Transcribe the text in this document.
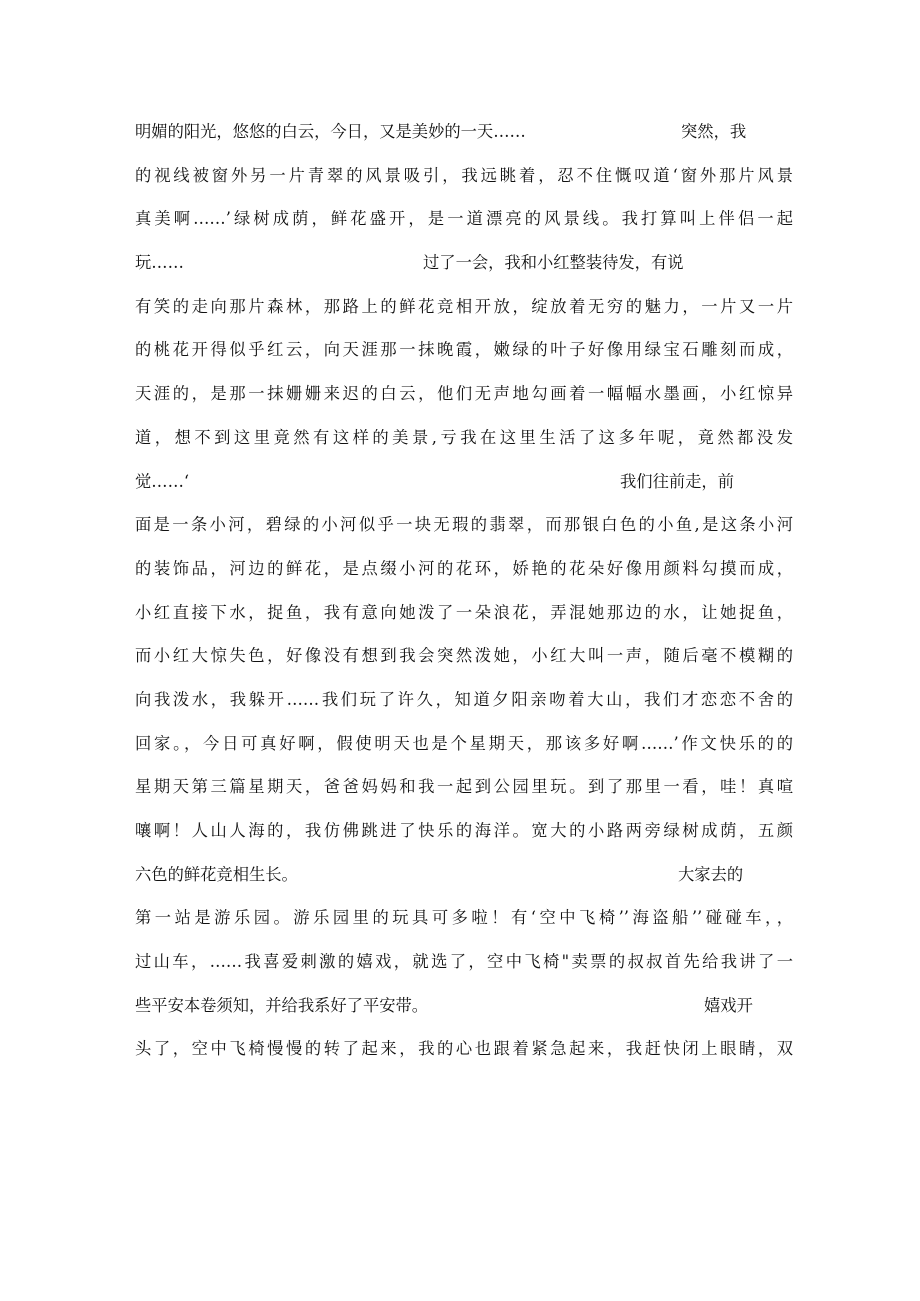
明媚的阳光，悠悠的白云，今日，又是美妙的一天……	突然，我
的视线被窗外另一片青翠的风景吸引，我远眺着，忍不住慨叹道‘窗外那片风景
真美啊……’绿树成荫，鲜花盛开，是一道漂亮的风景线。我打算叫上伴侣一起
玩……	过了一会，我和小红整装待发，有说
有笑的走向那片森林，那路上的鲜花竞相开放，绽放着无穷的魅力，一片又一片
的桃花开得似乎红云，向天涯那一抹晚霞，嫩绿的叶子好像用绿宝石雕刻而成，
天涯的，是那一抹姗姗来迟的白云，他们无声地勾画着一幅幅水墨画，小红惊异
道，想不到这里竟然有这样的美景,亏我在这里生活了这多年呢，竟然都没发
觉……‘	我们往前走，前
面是一条小河，碧绿的小河似乎一块无瑕的翡翠，而那银白色的小鱼,是这条小河
的装饰品，河边的鲜花，是点缀小河的花环，娇艳的花朵好像用颜料勾摸而成，
小红直接下水，捉鱼，我有意向她泼了一朵浪花，弄混她那边的水，让她捉鱼，
而小红大惊失色，好像没有想到我会突然泼她，小红大叫一声，随后毫不模糊的
向我泼水，我躲开……我们玩了许久，知道夕阳亲吻着大山，我们才恋恋不舍的
回家。，今日可真好啊，假使明天也是个星期天，那该多好啊……’作文快乐的的
星期天第三篇星期天，爸爸妈妈和我一起到公园里玩。到了那里一看，哇！真喧
嚷啊！人山人海的，我仿佛跳进了快乐的海洋。宽大的小路两旁绿树成荫，五颜
六色的鲜花竞相生长。	大家去的
第一站是游乐园。游乐园里的玩具可多啦！有‘空中飞椅’’海盗船’’碰碰车，，
过山车，……我喜爱刺激的嬉戏，就选了，空中飞椅"卖票的叔叔首先给我讲了一
些平安本卷须知，并给我系好了平安带。	嬉戏开
头了，空中飞椅慢慢的转了起来，我的心也跟着紧急起来，我赶快闭上眼睛，双
